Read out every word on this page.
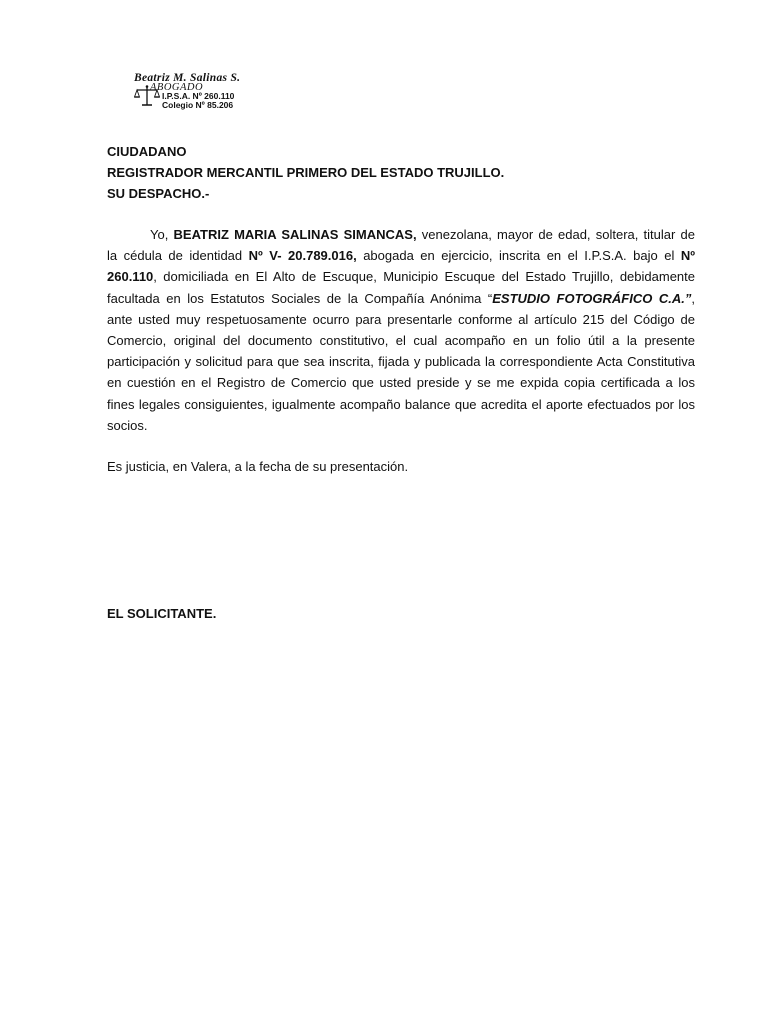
Beatriz M. Salinas S.
ABOGADO
I.P.S.A. Nº 260.110
Colegio Nº 85.206
CIUDADANO
REGISTRADOR MERCANTIL PRIMERO DEL ESTADO TRUJILLO.
SU DESPACHO.-

Yo, BEATRIZ MARIA SALINAS SIMANCAS, venezolana, mayor de edad, soltera, titular de la cédula de identidad Nº V- 20.789.016, abogada en ejercicio, inscrita en el I.P.S.A. bajo el Nº 260.110, domiciliada en El Alto de Escuque, Municipio Escuque del Estado Trujillo, debidamente facultada en los Estatutos Sociales de la Compañía Anónima “ESTUDIO FOTOGRÁFICO C.A.”, ante usted muy respetuosamente ocurro para presentarle conforme al artículo 215 del Código de Comercio, original del documento constitutivo, el cual acompaño en un folio útil a la presente participación y solicitud para que sea inscrita, fijada y publicada la correspondiente Acta Constitutiva en cuestión en el Registro de Comercio que usted preside y se me expida copia certificada a los fines legales consiguientes, igualmente acompaño balance que acredita el aporte efectuados por los socios.

Es justicia, en Valera, a la fecha de su presentación.
EL SOLICITANTE.
